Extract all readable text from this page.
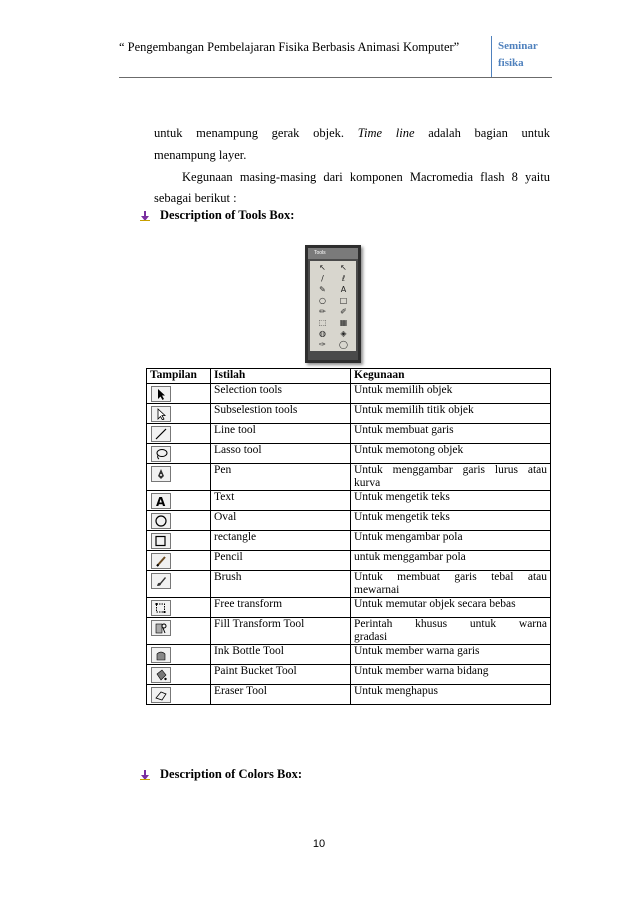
“ Pengembangan Pembelajaran Fisika Berbasis Animasi Komputer”	Seminar
fisika
untuk menampung gerak objek. Time line adalah bagian untuk
menampung layer.
Kegunaan masing-masing dari komponen Macromedia flash 8 yaitu
sebagai berikut :
Description of Tools Box:
Tools
↖	↖
/	ℓ
✎	A
○	□
✏	✐
⬚	▦
◍	◈
✑	◯
Tampilan	Istilah	Kegunaan

	Selection tools	Untuk memilih objek

	Subselestion tools	Untuk memilih titik objek

	Line tool	Untuk membuat garis

	Lasso tool	Untuk memotong objek

	Pen	Untuk menggambar garis lurus atau
kurva

A	Text	Untuk mengetik teks

	Oval	Untuk mengetik teks

	rectangle	Untuk mengambar pola

	Pencil	untuk menggambar pola

	Brush	Untuk membuat garis tebal atau
mewarnai

	Free transform	Untuk memutar objek secara bebas

	Fill Transform Tool	Perintah khusus untuk warna
gradasi

	Ink Bottle Tool	Untuk member warna garis

	Paint Bucket Tool	Untuk member warna bidang

	Eraser Tool	Untuk menghapus
Description of Colors Box:
10
